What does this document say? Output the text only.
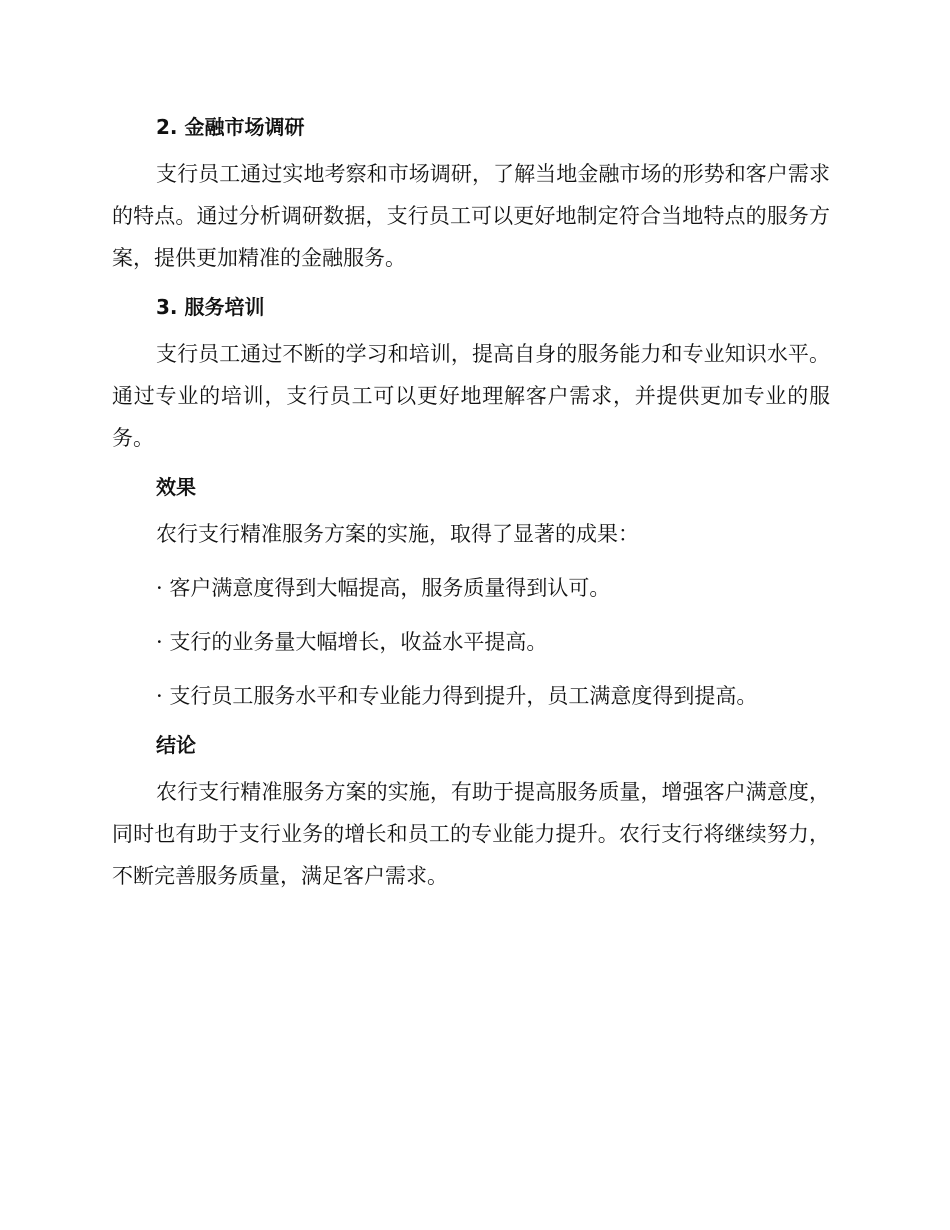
2. 金融市场调研

支行员工通过实地考察和市场调研，了解当地金融市场的形势和客户需求的特点。通过分析调研数据，支行员工可以更好地制定符合当地特点的服务方案，提供更加精准的金融服务。

3. 服务培训

支行员工通过不断的学习和培训，提高自身的服务能力和专业知识水平。通过专业的培训，支行员工可以更好地理解客户需求，并提供更加专业的服务。

效果

农行支行精准服务方案的实施，取得了显著的成果：

· 客户满意度得到大幅提高，服务质量得到认可。

· 支行的业务量大幅增长，收益水平提高。

· 支行员工服务水平和专业能力得到提升，员工满意度得到提高。

结论

农行支行精准服务方案的实施，有助于提高服务质量，增强客户满意度，同时也有助于支行业务的增长和员工的专业能力提升。农行支行将继续努力，不断完善服务质量，满足客户需求。
